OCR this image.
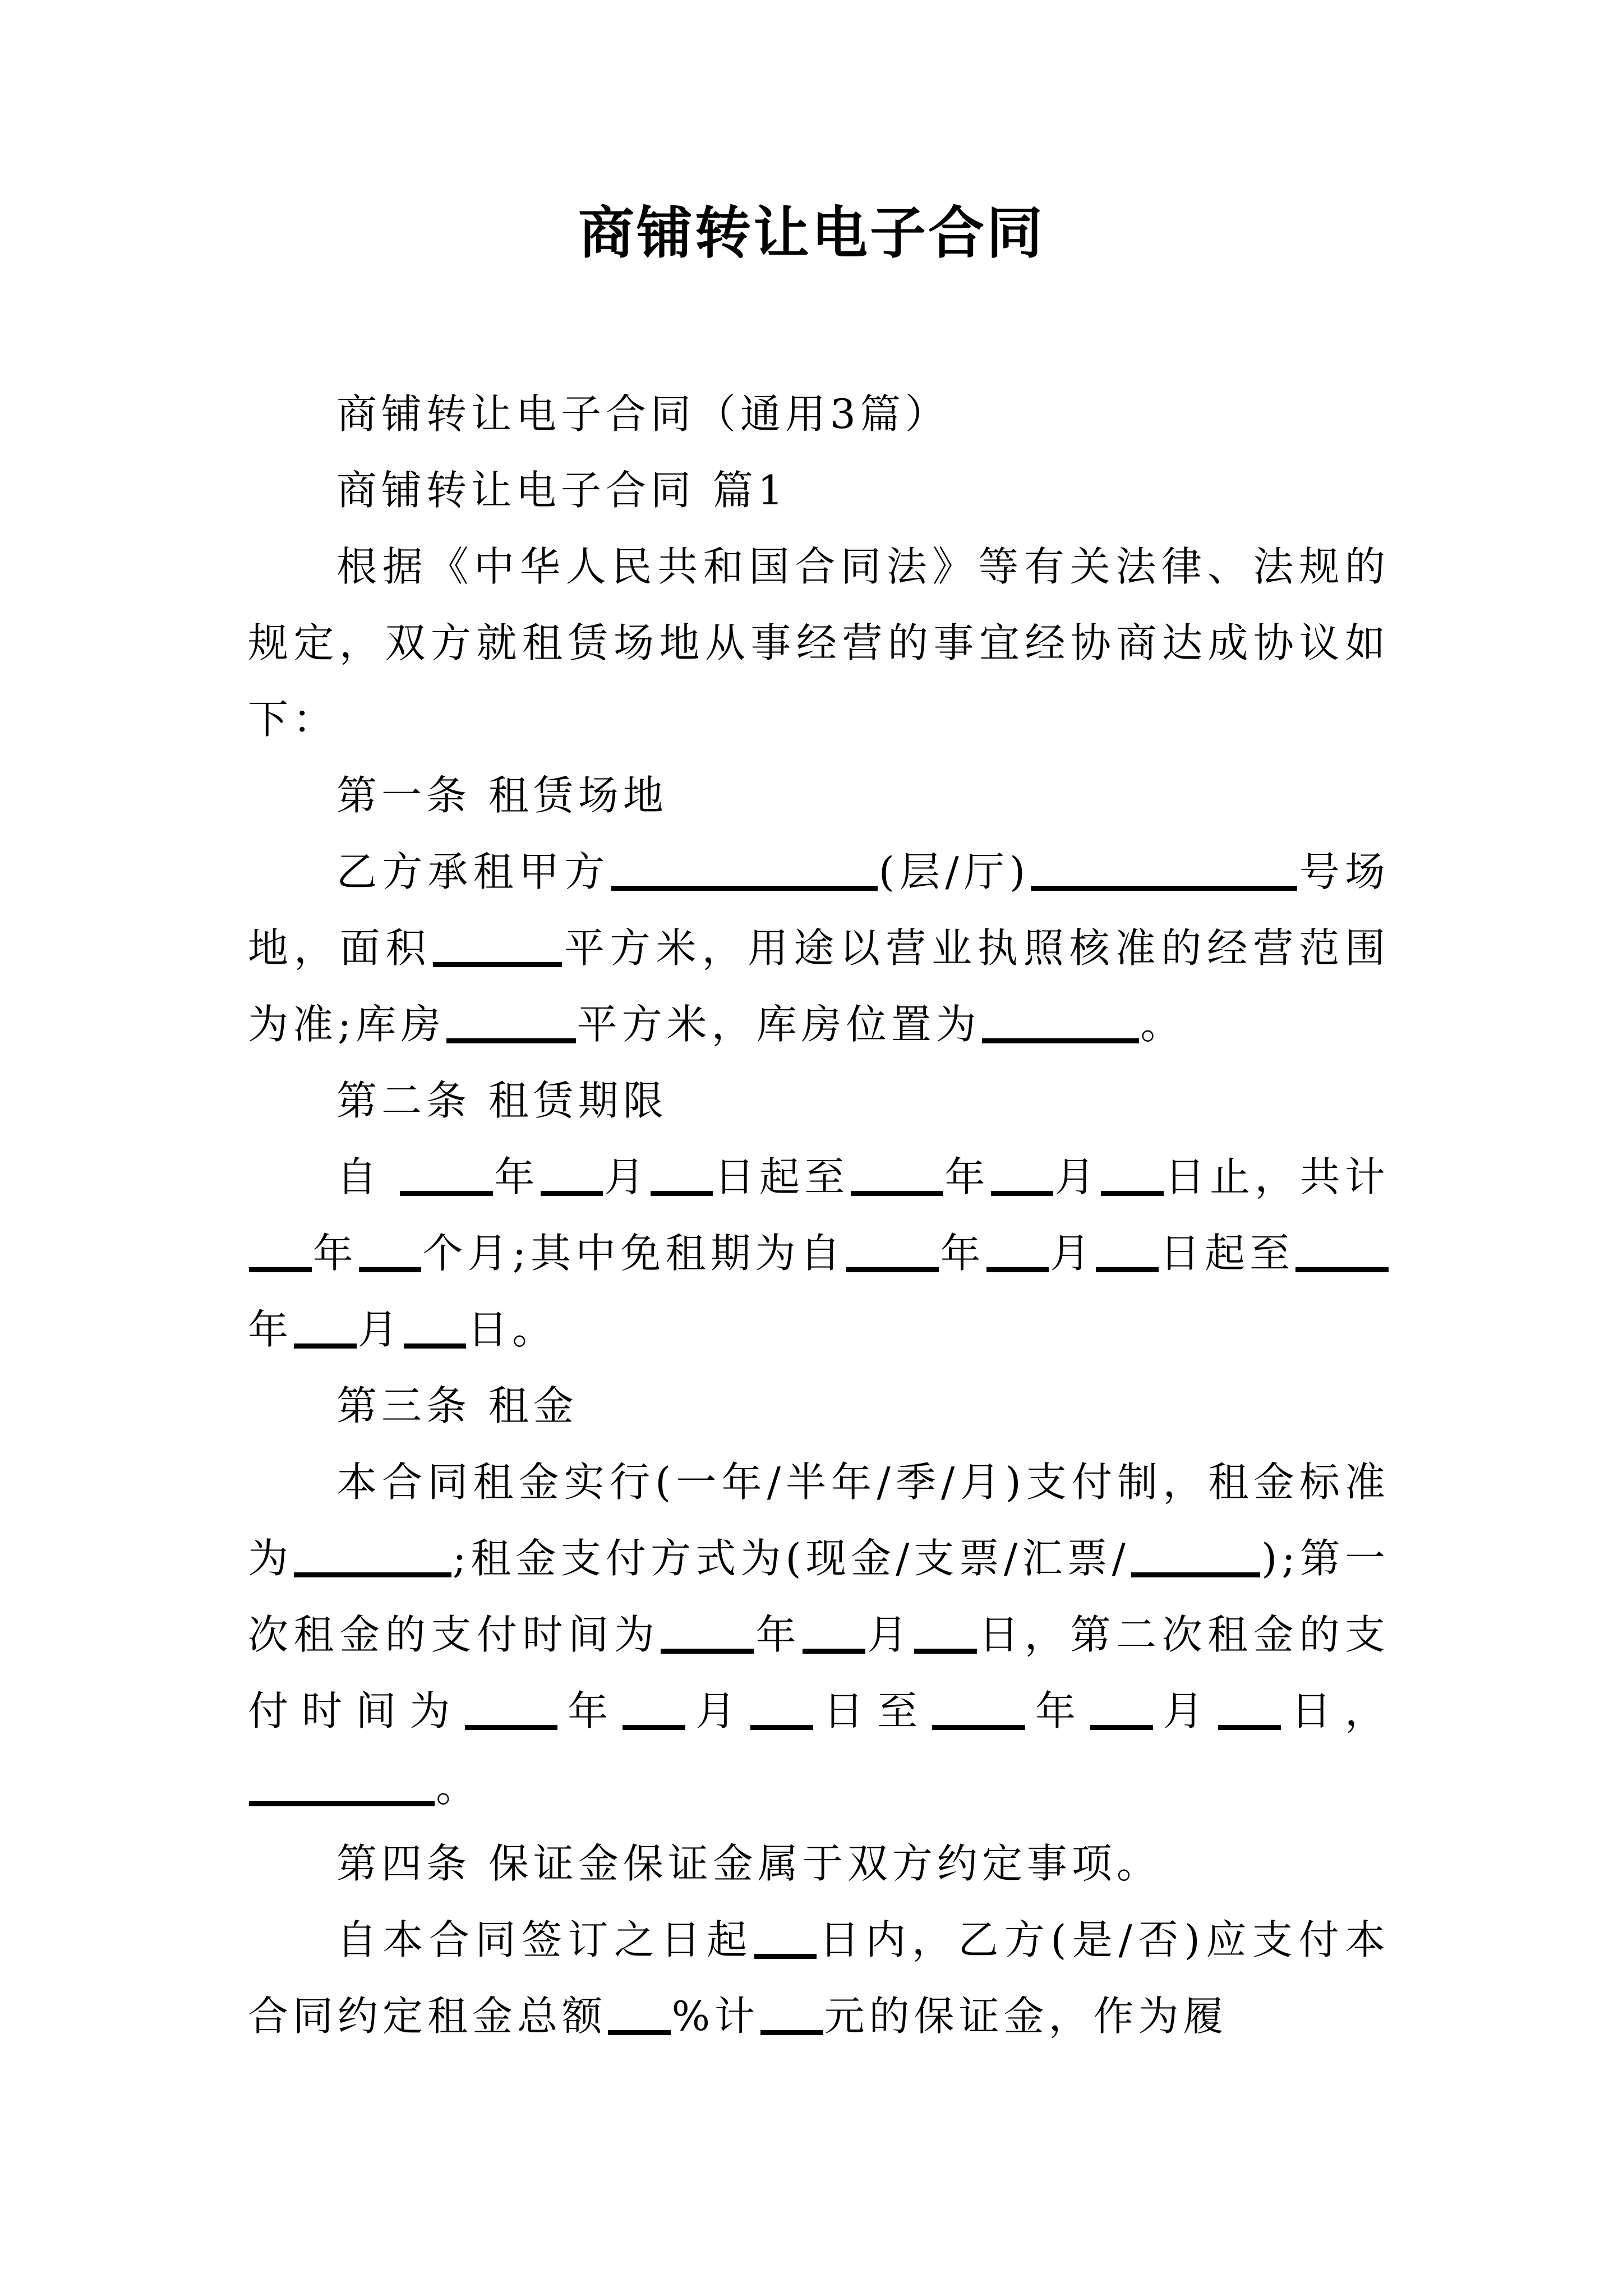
商铺转让电子合同

商铺转让电子合同（通用3篇）

商铺转让电子合同 篇1

根据《中华人民共和国合同法》等有关法律、法规的规定，双方就租赁场地从事经营的事宜经协商达成协议如下：

第一条 租赁场地

乙方承租甲方	(层/厅)	号场地，面积	平方米，用途以营业执照核准的经营范围为准;库房	平方米，库房位置为	。

第二条 租赁期限

自 年 月 日起至 年 月 日止，共计年 个月;其中免租期为自 年 月 日起至年 月 日。

第三条 租金

本合同租金实行(一年/半年/季/月)支付制，租金标准为	;租金支付方式为(现金/支票/汇票/	);第一次租金的支付时间为 年 月 日，第二次租金的支付时间为 年 月 日至 年 月 日，。

第四条 保证金保证金属于双方约定事项。

自本合同签订之日起 日内，乙方(是/否)应支付本合同约定租金总额 %计 元的保证金，作为履
